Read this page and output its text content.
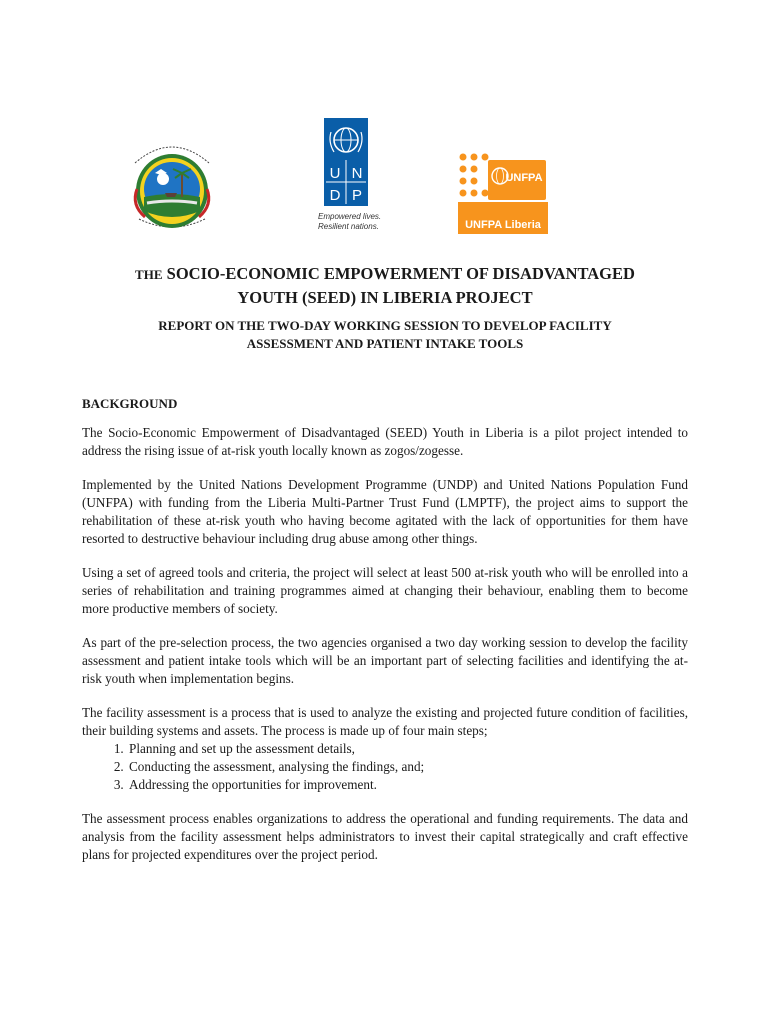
U N
D P
Empowered lives.
Resilient nations.
UNFPA
UNFPA Liberia
THE SOCIO-ECONOMIC EMPOWERMENT OF DISADVANTAGED
YOUTH (SEED) IN LIBERIA PROJECT
REPORT ON THE TWO-DAY WORKING SESSION TO DEVELOP FACILITY
ASSESSMENT AND PATIENT INTAKE TOOLS
BACKGROUND

The Socio-Economic Empowerment of Disadvantaged (SEED) Youth in Liberia is a pilot project intended to address the rising issue of at-risk youth locally known as zogos/zogesse.

Implemented by the United Nations Development Programme (UNDP) and United Nations Population Fund (UNFPA) with funding from the Liberia Multi-Partner Trust Fund (LMPTF), the project aims to support the rehabilitation of these at-risk youth who having become agitated with the lack of opportunities for them have resorted to destructive behaviour including drug abuse among other things.

Using a set of agreed tools and criteria, the project will select at least 500 at-risk youth who will be enrolled into a series of rehabilitation and training programmes aimed at changing their behaviour, enabling them to become more productive members of society.

As part of the pre-selection process, the two agencies organised a two day working session to develop the facility assessment and patient intake tools which will be an important part of selecting facilities and identifying the at-risk youth when implementation begins.

The facility assessment is a process that is used to analyze the existing and projected future condition of facilities, their building systems and assets. The process is made up of four main steps;

1. Planning and set up the assessment details,
2. Conducting the assessment, analysing the findings, and;
3. Addressing the opportunities for improvement.

The assessment process enables organizations to address the operational and funding requirements. The data and analysis from the facility assessment helps administrators to invest their capital strategically and craft effective plans for projected expenditures over the project period.
